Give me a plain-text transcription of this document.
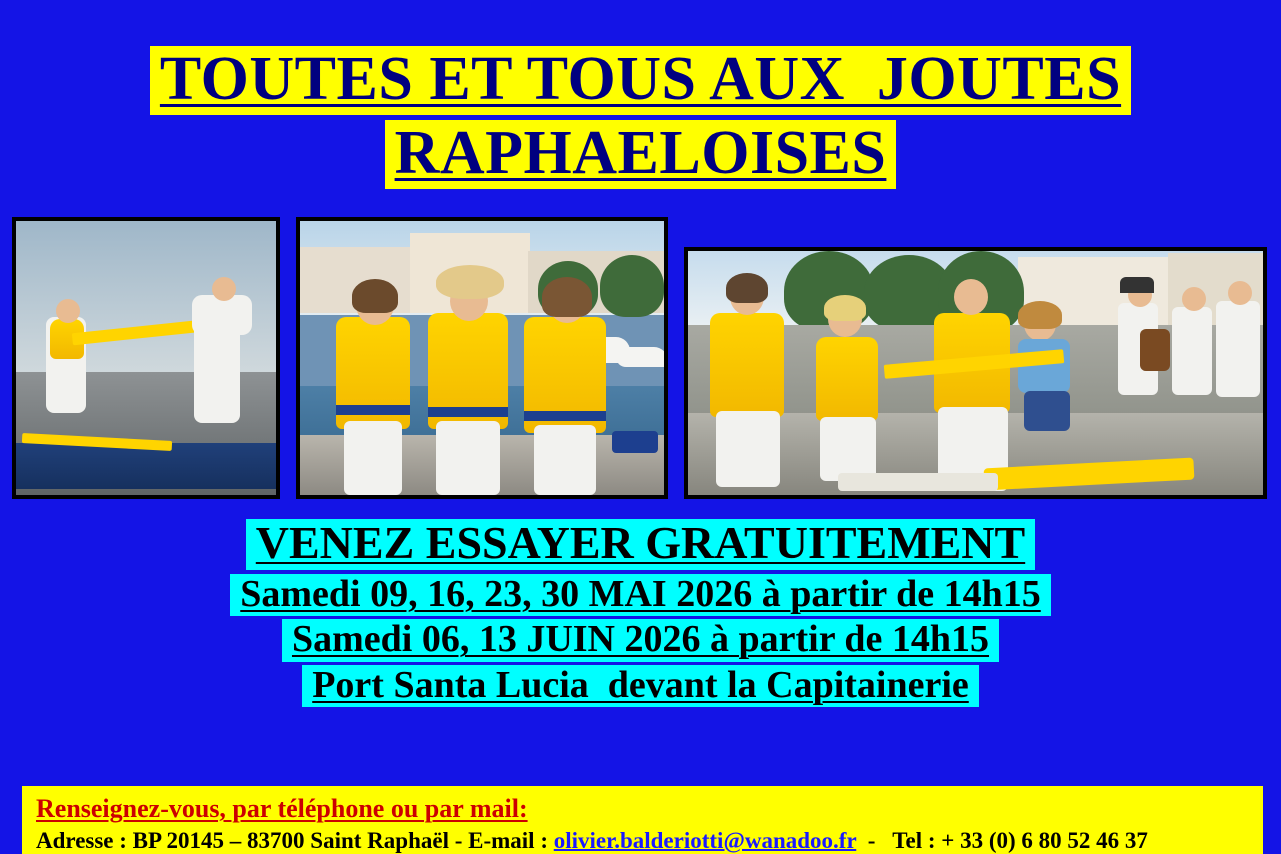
TOUTES ET TOUS AUX  JOUTES
RAPHAELOISES
VENEZ ESSAYER GRATUITEMENT
Samedi 09, 16, 23, 30 MAI 2026 à partir de 14h15
Samedi 06, 13 JUIN 2026 à partir de 14h15
Port Santa Lucia  devant la Capitainerie
Renseignez-vous, par téléphone ou par mail:
Adresse : BP 20145 – 83700 Saint Raphaël - E-mail : olivier.balderiotti@wanadoo.fr  -   Tel : + 33 (0) 6 80 52 46 37
